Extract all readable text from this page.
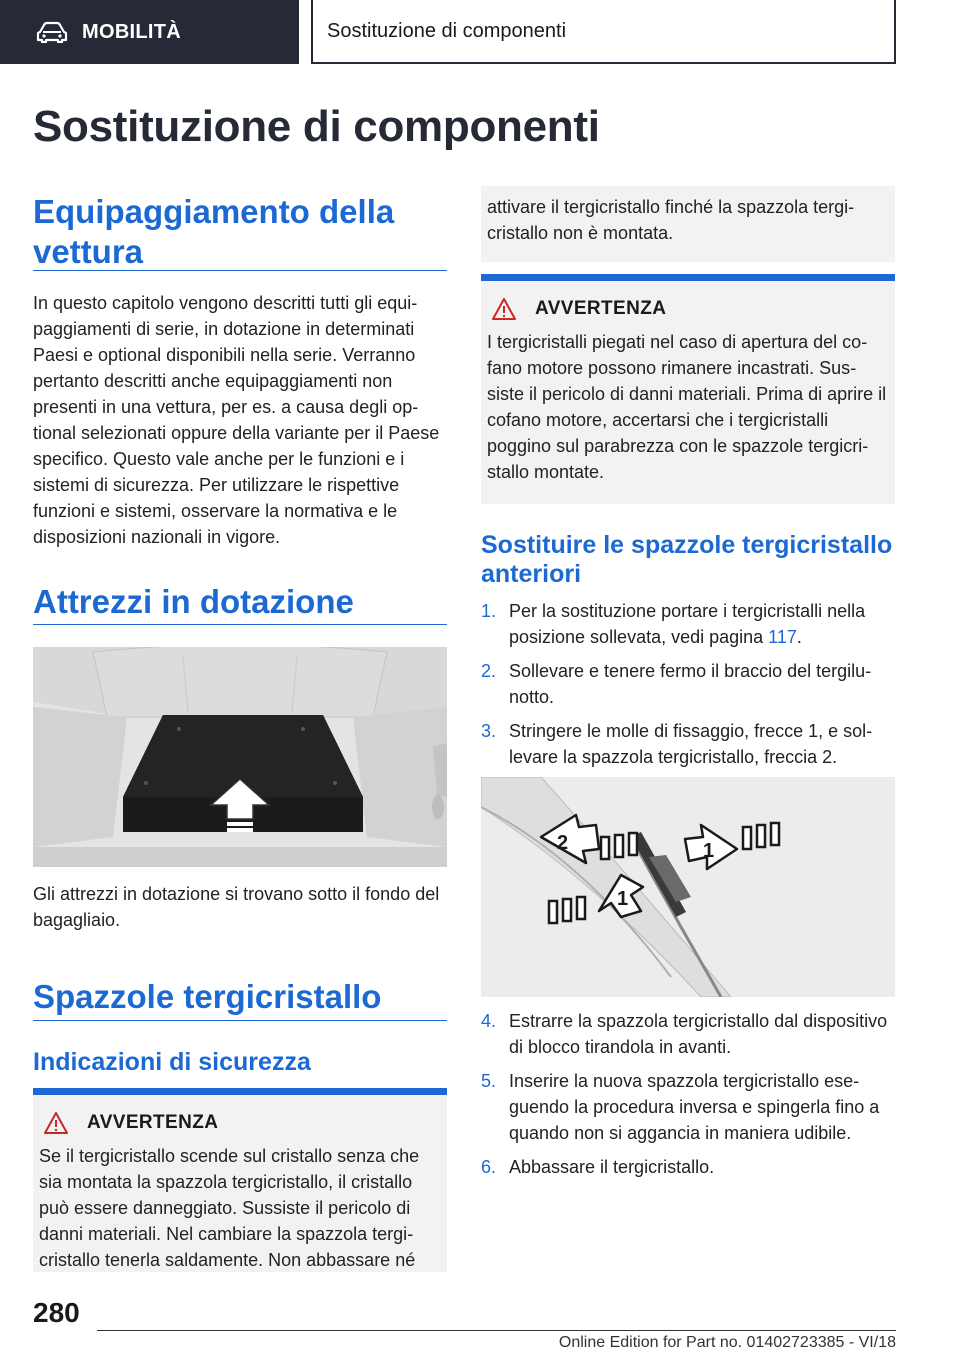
MOBILITÀ	Sostituzione di componenti
Sostituzione di componenti
Equipaggiamento della vettura

In questo capitolo vengono descritti tutti gli equipaggiamenti di serie, in dotazione in determinati Paesi e optional disponibili nella serie. Verranno pertanto descritti anche equipaggiamenti non presenti in una vettura, per es. a causa degli optional selezionati oppure della variante per il Paese specifico. Questo vale anche per le funzioni e i sistemi di sicurezza. Per utilizzare le rispettive funzioni e sistemi, osservare la normativa e le disposizioni nazionali in vigore.

Attrezzi in dotazione

Gli attrezzi in dotazione si trovano sotto il fondo del bagagliaio.

Spazzole tergicristallo
Indicazioni di sicurezza
AVVERTENZA

Se il tergicristallo scende sul cristallo senza che sia montata la spazzola tergicristallo, il cristallo può essere danneggiato. Sussiste il pericolo di danni materiali. Nel cambiare la spazzola tergicristallo tenerla saldamente. Non abbassare né

attivare il tergicristallo finché la spazzola tergicristallo non è montata.
AVVERTENZA

I tergicristalli piegati nel caso di apertura del cofano motore possono rimanere incastrati. Sussiste il pericolo di danni materiali. Prima di aprire il cofano motore, accertarsi che i tergicristalli poggino sul parabrezza con le spazzole tergicristallo montate.

Sostituire le spazzole tergicristallo anteriori
1. Per la sostituzione portare i tergicristalli nella posizione sollevata, vedi pagina 117.
2. Sollevare e tenere fermo il braccio del tergilunotto.
3. Stringere le molle di fissaggio, frecce 1, e sollevare la spazzola tergicristallo, freccia 2.
2
1
1
4. Estrarre la spazzola tergicristallo dal dispositivo di blocco tirandola in avanti.
5. Inserire la nuova spazzola tergicristallo eseguendo la procedura inversa e spingerla fino a quando non si aggancia in maniera udibile.
6. Abbassare il tergicristallo.
280
Online Edition for Part no. 01402723385 - VI/18
